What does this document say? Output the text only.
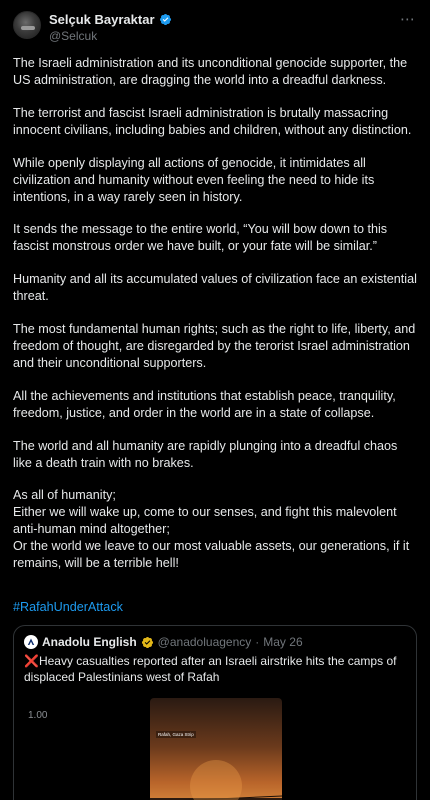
Selçuk Bayraktar
@Selcuk
⋯

The Israeli administration and its unconditional genocide supporter, the US administration, are dragging the world into a dreadful darkness.

The terrorist and fascist Israeli administration is brutally massacring innocent civilians, including babies and children, without any distinction.

While openly displaying all actions of genocide, it intimidates all civilization and humanity without even feeling the need to hide its intentions, in a way rarely seen in history.

It sends the message to the entire world, “You will bow down to this fascist monstrous order we have built, or your fate will be similar.”

Humanity and all its accumulated values of civilization face an existential threat.

The most fundamental human rights; such as the right to life, liberty, and freedom of thought, are disregarded by the terorist Israel administration and their unconditional supporters.

All the achievements and institutions that establish peace, tranquility, freedom, justice, and order in the world are in a state of collapse.

The world and all humanity are rapidly plunging into a dreadful chaos like a death train with no brakes.

As all of humanity;
Either we will wake up, come to our senses, and fight this malevolent anti-human mind altogether;
Or the world we leave to our most valuable assets, our generations, if it remains, will be a terrible hell!
#RafahUnderAttack
Anadolu English @anadoluagency · May 26
❌Heavy casualties reported after an Israeli airstrike hits the camps of displaced Palestinians west of Rafah
1.00
Rafah, Gaza Strip
